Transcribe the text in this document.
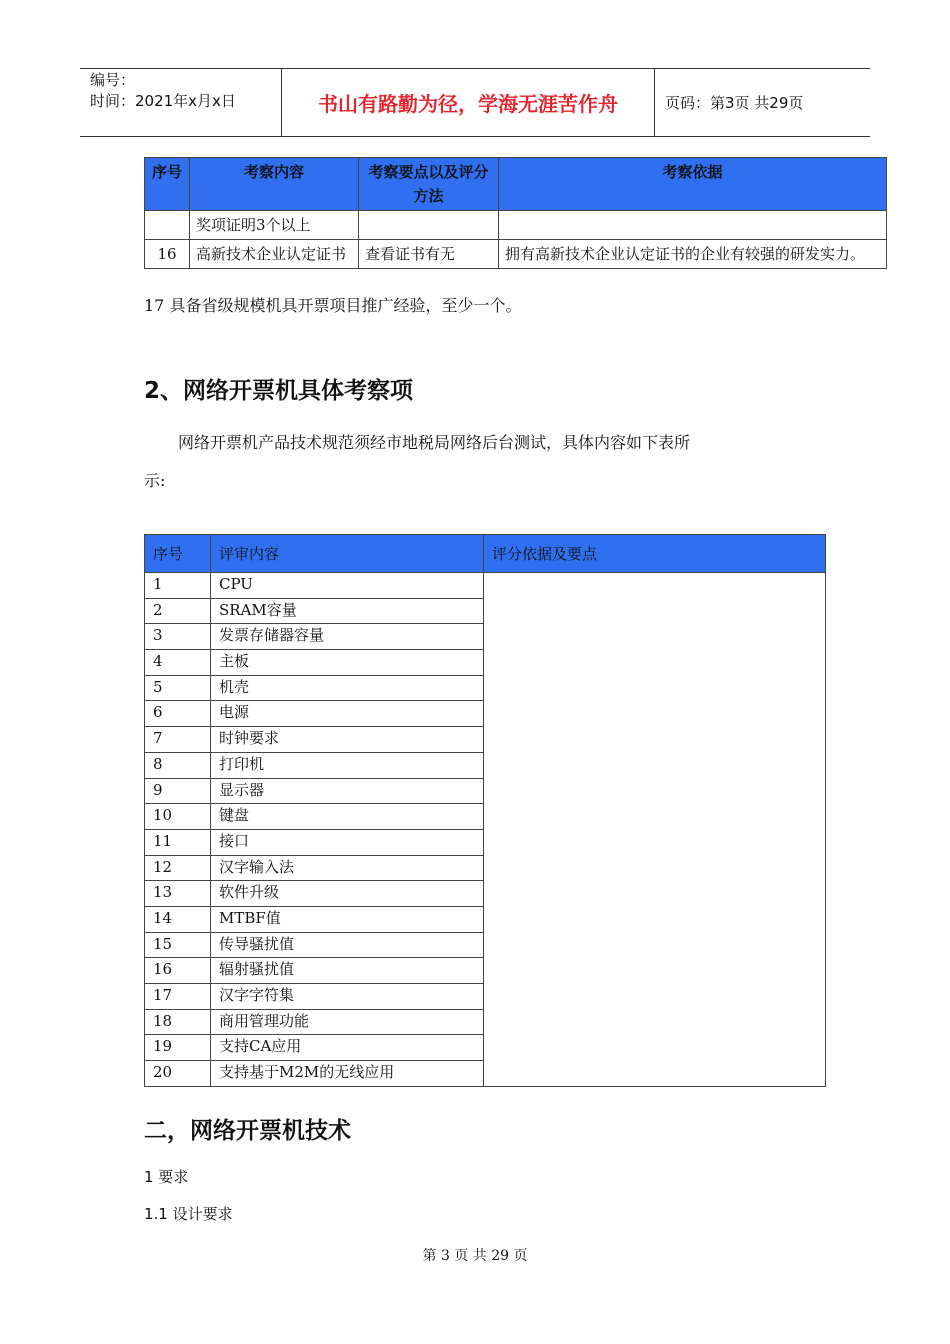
编号：
时间：2021年x月x日	书山有路勤为径，学海无涯苦作舟	页码：第3页 共29页
序号	考察内容	考察要点以及评分方法	考察依据
	奖项证明3个以上		
16	高新技术企业认定证书	查看证书有无	拥有高新技术企业认定证书的企业有较强的研发实力。
17 具备省级规模机具开票项目推广经验，至少一个。
2、网络开票机具体考察项
网络开票机产品技术规范须经市地税局网络后台测试，具体内容如下表所
示:
序号	评审内容	评分依据及要点
1	CPU	
2	SRAM容量	
3	发票存储器容量	
4	主板	
5	机壳	
6	电源	
7	时钟要求	
8	打印机	
9	显示器	
10	键盘	
11	接口	
12	汉字输入法	
13	软件升级	
14	MTBF值	
15	传导骚扰值	
16	辐射骚扰值	
17	汉字字符集	
18	商用管理功能	
19	支持CA应用	
20	支持基于M2M的无线应用	
二，网络开票机技术
1 要求
1.1 设计要求
第 3 页 共 29 页
